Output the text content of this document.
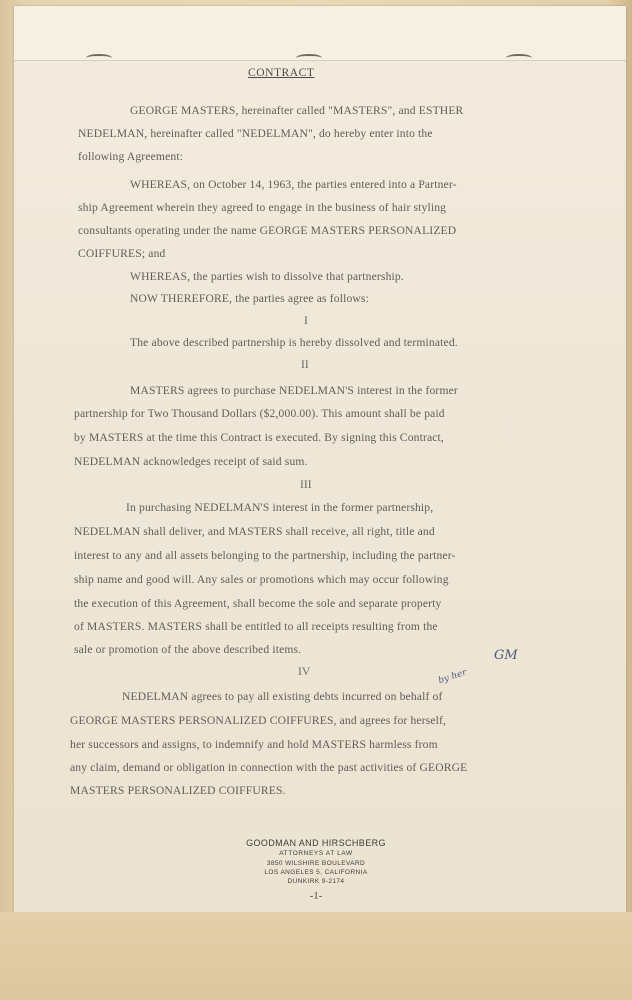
CONTRACT
GEORGE MASTERS, hereinafter called "MASTERS", and ESTHER
NEDELMAN, hereinafter called "NEDELMAN", do hereby enter into the
following Agreement:
WHEREAS, on October 14, 1963, the parties entered into a Partner-
ship Agreement wherein they agreed to engage in the business of hair styling
consultants operating under the name GEORGE MASTERS PERSONALIZED
COIFFURES; and
WHEREAS, the parties wish to dissolve that partnership.
NOW THEREFORE, the parties agree as follows:
I
The above described partnership is hereby dissolved and terminated.
II
MASTERS agrees to purchase NEDELMAN'S interest in the former
partnership for Two Thousand Dollars ($2,000.00). This amount shall be paid
by MASTERS at the time this Contract is executed. By signing this Contract,
NEDELMAN acknowledges receipt of said sum.
III
In purchasing NEDELMAN'S interest in the former partnership,
NEDELMAN shall deliver, and MASTERS shall receive, all right, title and
interest to any and all assets belonging to the partnership, including the partner-
ship name and good will. Any sales or promotions which may occur following
the execution of this Agreement, shall become the sole and separate property
of MASTERS. MASTERS shall be entitled to all receipts resulting from the
sale or promotion of the above described items.
IV
GM
by her
NEDELMAN agrees to pay all existing debts incurred on behalf of
GEORGE MASTERS PERSONALIZED COIFFURES, and agrees for herself,
her successors and assigns, to indemnify and hold MASTERS harmless from
any claim, demand or obligation in connection with the past activities of GEORGE
MASTERS PERSONALIZED COIFFURES.
GOODMAN AND HIRSCHBERG
ATTORNEYS AT LAW
3850 WILSHIRE BOULEVARD
LOS ANGELES 5, CALIFORNIA
DUNKIRK 9-2174
-1-
